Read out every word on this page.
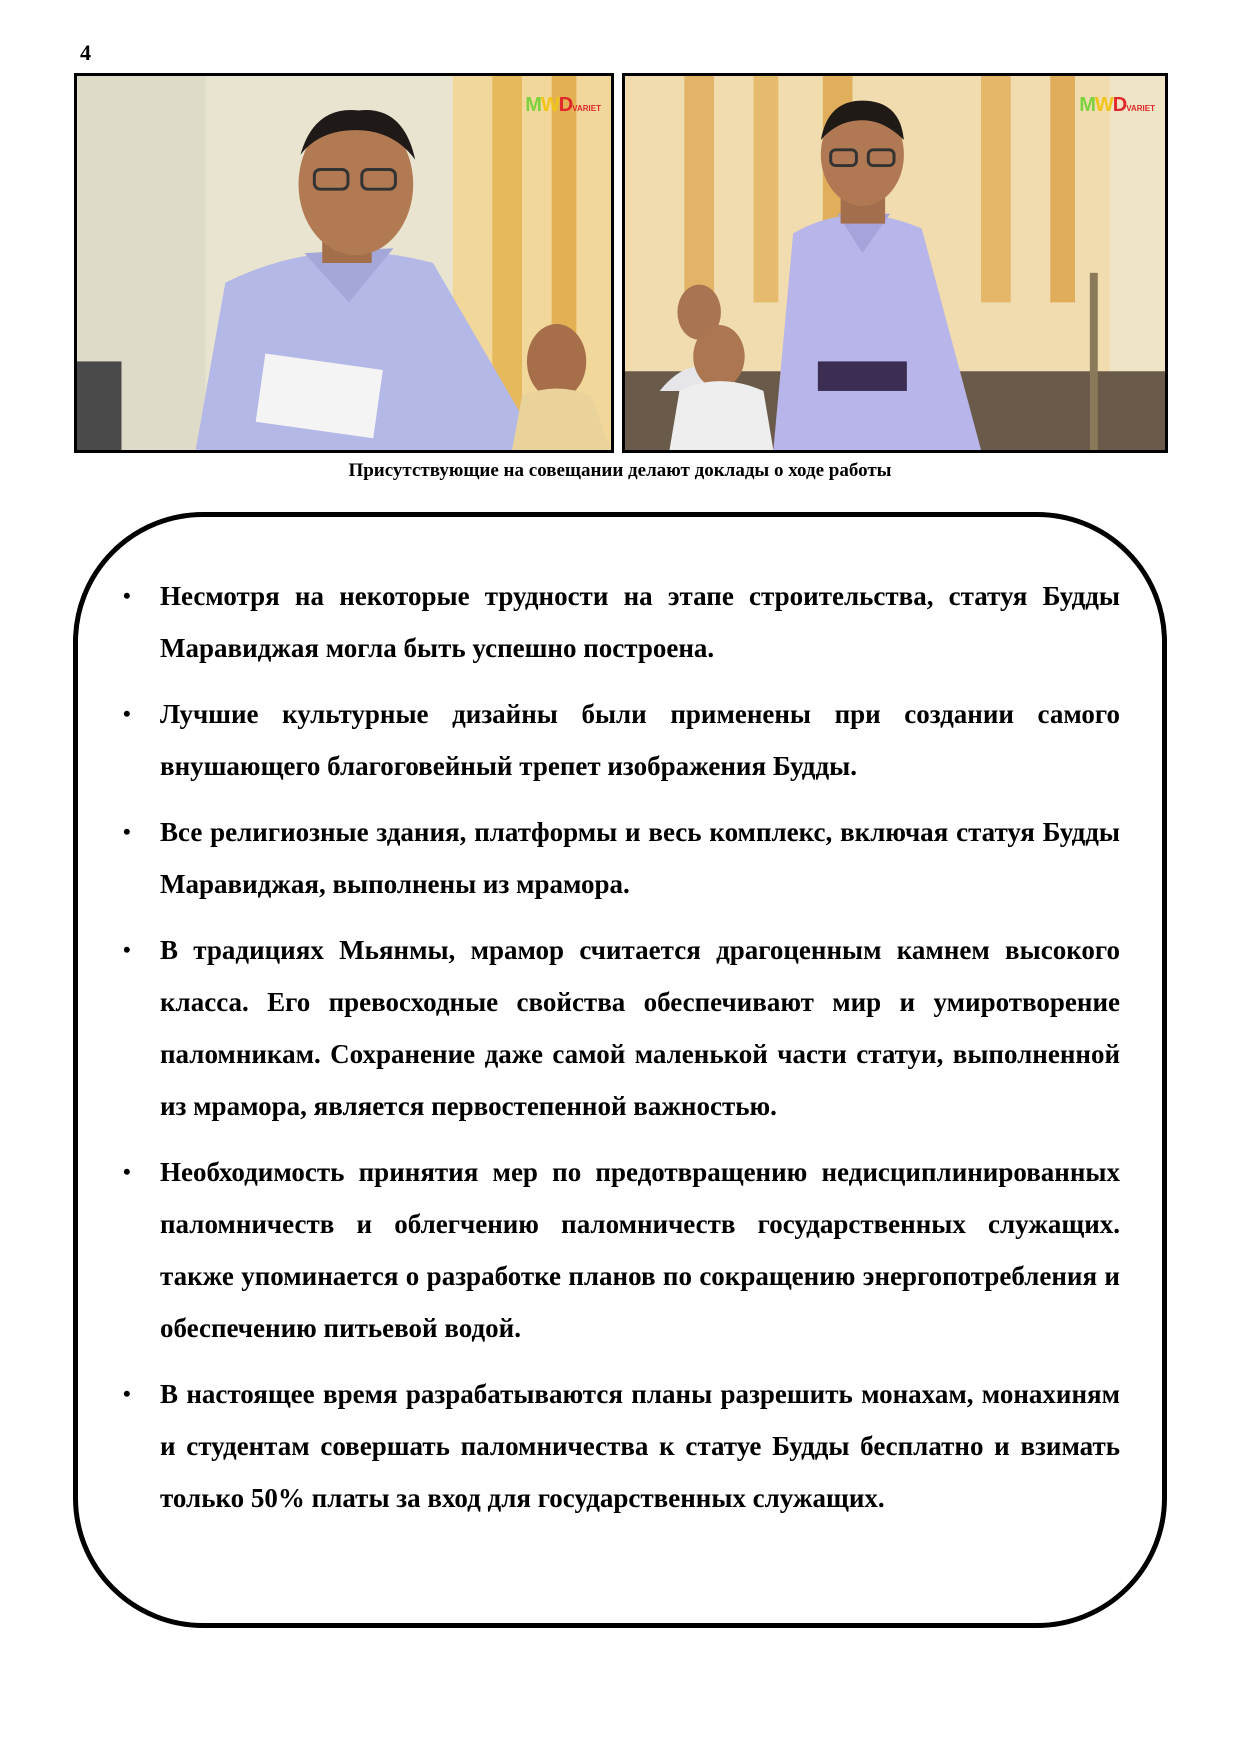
4
MWDVARIET	MWDVARIET
Присутствующие на совещании делают доклады о ходе работы
• Несмотря на некоторые трудности на этапе строительства, статуя Будды Маравиджая могла быть успешно построена.
• Лучшие культурные дизайны были применены при создании самого внушающего благоговейный трепет изображения Будды.
• Все религиозные здания, платформы и весь комплекс, включая статуя Будды Маравиджая, выполнены из мрамора.
• В традициях Мьянмы, мрамор считается драгоценным камнем высокого класса. Его превосходные свойства обеспечивают мир и умиротворение паломникам. Сохранение даже самой маленькой части статуи, выполненной из мрамора, является первостепенной важностью.
• Необходимость принятия мер по предотвращению недисциплинированных паломничеств и облегчению паломничеств государственных служащих. также упоминается о разработке планов по сокращению энергопотребления и обеспечению питьевой водой.
• В настоящее время разрабатываются планы разрешить монахам, монахиням и студентам совершать паломничества к статуе Будды бесплатно и взимать только 50% платы за вход для государственных служащих.
